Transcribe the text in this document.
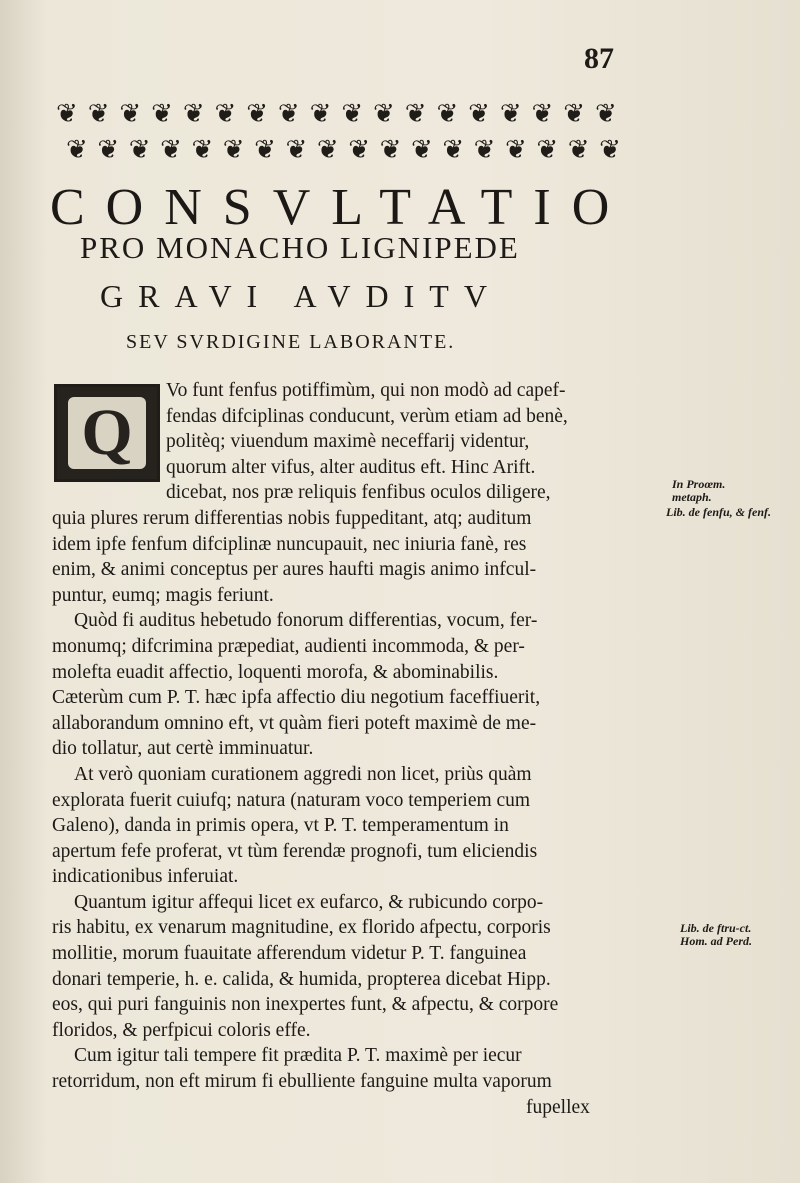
87
❦ ❦ ❦ ❦ ❦ ❦ ❦ ❦ ❦ ❦ ❦ ❦ ❦ ❦ ❦ ❦ ❦ ❦
❦ ❦ ❦ ❦ ❦ ❦ ❦ ❦ ❦ ❦ ❦ ❦ ❦ ❦ ❦ ❦ ❦ ❦
CONSVLTATIO
PRO MONACHO LIGNIPEDE
GRAVI AVDITV
SEV SVRDIGINE LABORANTE.
Q
Vo funt fenfus potiffimùm, qui non modò ad capef-
fendas difciplinas conducunt, verùm etiam ad benè,
politèq; viuendum maximè neceffarij videntur,
quorum alter vifus, alter auditus eft. Hinc Arift.
dicebat, nos præ reliquis fenfibus oculos diligere,
quia plures rerum differentias nobis fuppeditant, atq; auditum
idem ipfe fenfum difciplinæ nuncupauit, nec iniuria fanè, res
enim, & animi conceptus per aures haufti magis animo infcul-
puntur, eumq; magis feriunt.
Quòd fi auditus hebetudo fonorum differentias, vocum, fer-
monumq; difcrimina præpediat, audienti incommoda, & per-
molefta euadit affectio, loquenti morofa, & abominabilis.
Cæterùm cum P. T. hæc ipfa affectio diu negotium faceffiuerit,
allaborandum omnino eft, vt quàm fieri poteft maximè de me-
dio tollatur, aut certè imminuatur.
At verò quoniam curationem aggredi non licet, priùs quàm
explorata fuerit cuiufq; natura (naturam voco temperiem cum
Galeno), danda in primis opera, vt P. T. temperamentum in
apertum fefe proferat, vt tùm ferendæ prognofi, tum eliciendis
indicationibus inferuiat.
Quantum igitur affequi licet ex eufarco, & rubicundo corpo-
ris habitu, ex venarum magnitudine, ex florido afpectu, corporis
mollitie, morum fuauitate afferendum videtur P. T. fanguinea
donari temperie, h. e. calida, & humida, propterea dicebat Hipp.
eos, qui puri fanguinis non inexpertes funt, & afpectu, & corpore
floridos, & perfpicui coloris effe.
Cum igitur tali tempere fit prædita P. T. maximè per iecur
retorridum, non eft mirum fi ebulliente fanguine multa vaporum
fupellex
In Proœm. metaph.
Lib. de fenfu, & fenf.
Lib. de ftru-ct. Hom. ad Perd.
